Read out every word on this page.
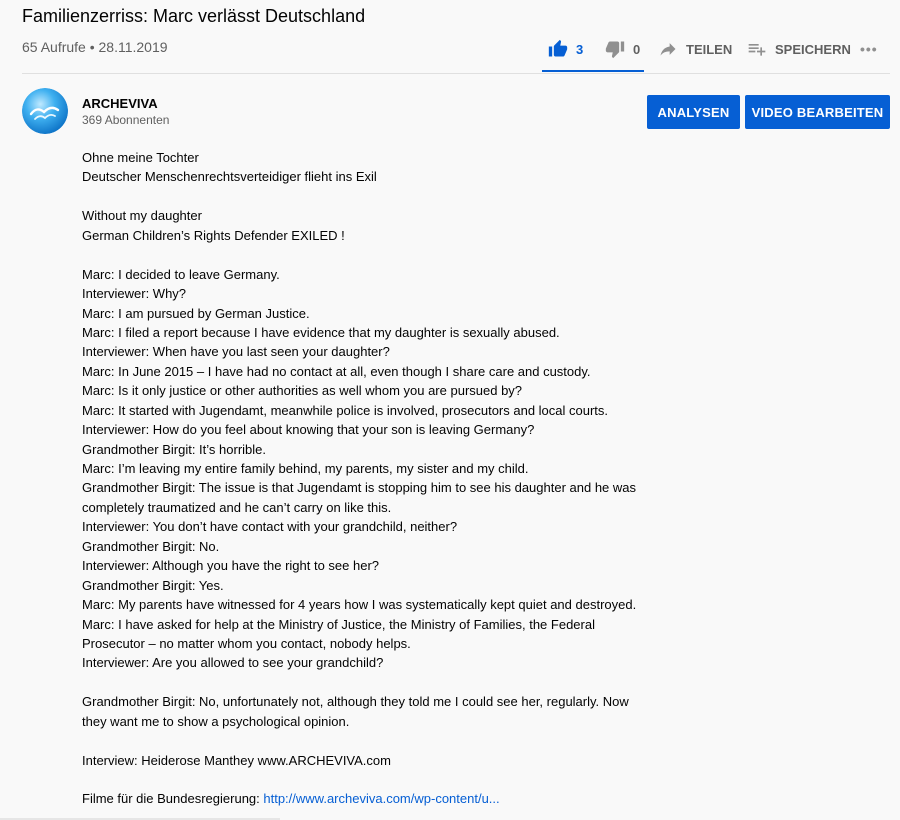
Familienzerriss: Marc verlässt Deutschland
65 Aufrufe • 28.11.2019	3	0	TEILEN	SPEICHERN •••
ARCHEVIVA
369 Abonnenten
ANALYSEN	VIDEO BEARBEITEN
Ohne meine Tochter
Deutscher Menschenrechtsverteidiger flieht ins Exil
Without my daughter
German Children’s Rights Defender EXILED !
Marc: I decided to leave Germany.
Interviewer: Why?
Marc: I am pursued by German Justice.
Marc: I filed a report because I have evidence that my daughter is sexually abused.
Interviewer: When have you last seen your daughter?
Marc: In June 2015 – I have had no contact at all, even though I share care and custody.
Marc: Is it only justice or other authorities as well whom you are pursued by?
Marc: It started with Jugendamt, meanwhile police is involved, prosecutors and local courts.
Interviewer: How do you feel about knowing that your son is leaving Germany?
Grandmother Birgit: It’s horrible.
Marc: I’m leaving my entire family behind, my parents, my sister and my child.
Grandmother Birgit: The issue is that Jugendamt is stopping him to see his daughter and he was
completely traumatized and he can’t carry on like this.
Interviewer: You don’t have contact with your grandchild, neither?
Grandmother Birgit: No.
Interviewer: Although you have the right to see her?
Grandmother Birgit: Yes.
Marc: My parents have witnessed for 4 years how I was systematically kept quiet and destroyed.
Marc: I have asked for help at the Ministry of Justice, the Ministry of Families, the Federal
Prosecutor – no matter whom you contact, nobody helps.
Interviewer: Are you allowed to see your grandchild?
Grandmother Birgit: No, unfortunately not, although they told me I could see her, regularly. Now
they want me to show a psychological opinion.
Interview: Heiderose Manthey www.ARCHEVIVA.com
Filme für die Bundesregierung: http://www.archeviva.com/wp-content/u...
